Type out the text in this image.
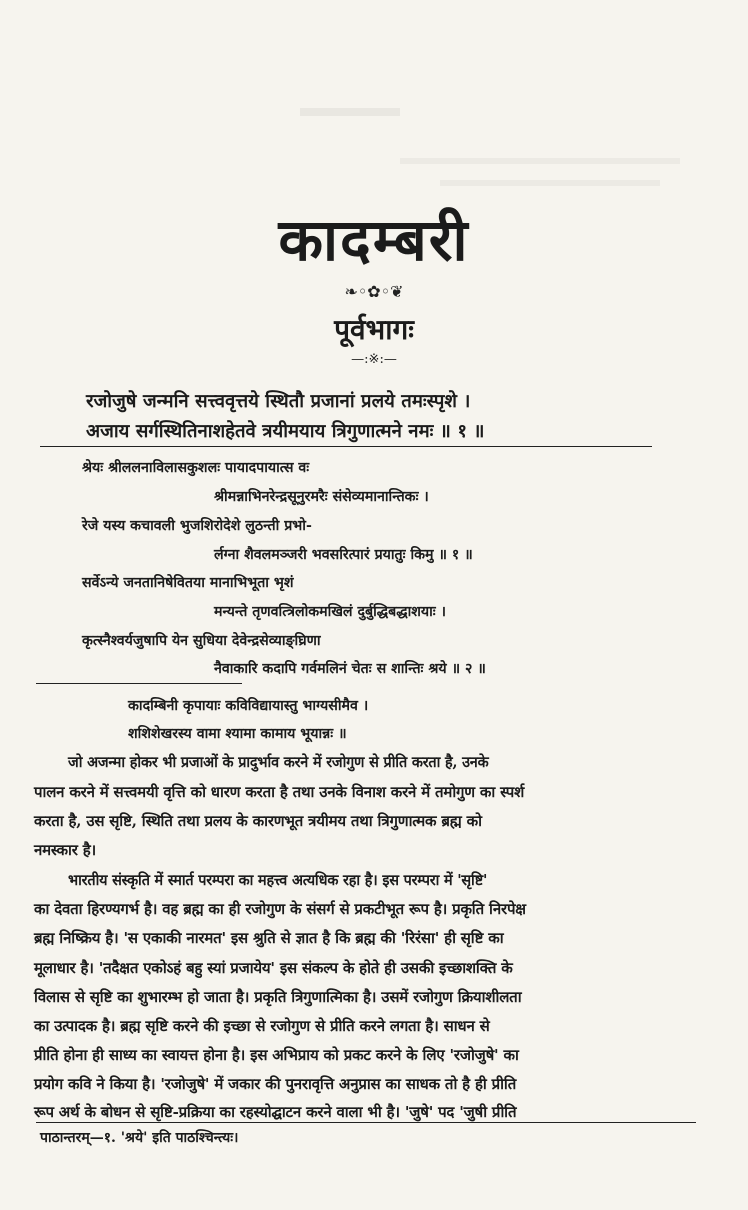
कादम्बरी
❧◦✿◦❦
पूर्वभागः
—:※:—
रजोजुषे जन्मनि सत्त्ववृत्तये स्थितौ प्रजानां प्रलये तमःस्पृशे ।
अजाय सर्गस्थितिनाशहेतवे त्रयीमयाय त्रिगुणात्मने नमः ॥ १ ॥
श्रेयः श्रीललनाविलासकुशलः पायादपायात्स वः
श्रीमन्नाभिनरेन्द्रसूनुरमरैः संसेव्यमानान्तिकः ।
रेजे यस्य कचावली भुजशिरोदेशे लुठन्ती प्रभो-
र्लग्ना शैवलमञ्जरी भवसरित्पारं प्रयातुः किमु ॥ १ ॥
सर्वेऽन्ये जनतानिषेवितया मानाभिभूता भृशं
मन्यन्ते तृणवत्त्रिलोकमखिलं दुर्बुद्धिबद्धाशयाः ।
कृत्स्नैश्वर्यजुषापि येन सुधिया देवेन्द्रसेव्याङ्घ्रिणा
नैवाकारि कदापि गर्वमलिनं चेतः स शान्तिः श्रये ॥ २ ॥
कादम्बिनी कृपायाः कविविद्यायास्तु भाग्यसीमैव ।
शशिशेखरस्य वामा श्यामा कामाय भूयान्नः ॥
जो अजन्मा होकर भी प्रजाओं के प्रादुर्भाव करने में रजोगुण से प्रीति करता है, उनके
पालन करने में सत्त्वमयी वृत्ति को धारण करता है तथा उनके विनाश करने में तमोगुण का स्पर्श
करता है, उस सृष्टि, स्थिति तथा प्रलय के कारणभूत त्रयीमय तथा त्रिगुणात्मक ब्रह्म को
नमस्कार है।
भारतीय संस्कृति में स्मार्त परम्परा का महत्त्व अत्यधिक रहा है। इस परम्परा में 'सृष्टि'
का देवता हिरण्यगर्भ है। वह ब्रह्म का ही रजोगुण के संसर्ग से प्रकटीभूत रूप है। प्रकृति निरपेक्ष
ब्रह्म निष्क्रिय है। 'स एकाकी नारमत' इस श्रुति से ज्ञात है कि ब्रह्म की 'रिरंसा' ही सृष्टि का
मूलाधार है। 'तदैक्षत एकोऽहं बहु स्यां प्रजायेय' इस संकल्प के होते ही उसकी इच्छाशक्ति के
विलास से सृष्टि का शुभारम्भ हो जाता है। प्रकृति त्रिगुणात्मिका है। उसमें रजोगुण क्रियाशीलता
का उत्पादक है। ब्रह्म सृष्टि करने की इच्छा से रजोगुण से प्रीति करने लगता है। साधन से
प्रीति होना ही साध्य का स्वायत्त होना है। इस अभिप्राय को प्रकट करने के लिए 'रजोजुषे' का
प्रयोग कवि ने किया है। 'रजोजुषे' में जकार की पुनरावृत्ति अनुप्रास का साधक तो है ही प्रीति
रूप अर्थ के बोधन से सृष्टि-प्रक्रिया का रहस्योद्घाटन करने वाला भी है। 'जुषे' पद 'जुषी प्रीति
पाठान्तरम्—१. 'श्रये' इति पाठश्चिन्त्यः।
